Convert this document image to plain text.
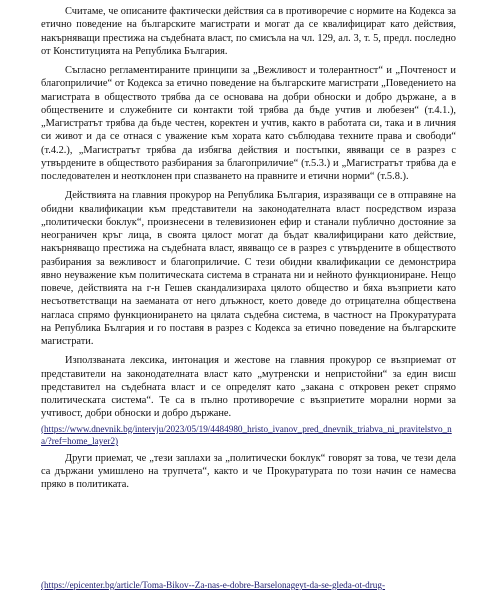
Считаме, че описаните фактически действия са в противоречие с нормите на Кодекса за етично поведение на българските магистрати и могат да се квалифицират като действия, накърняващи престижа на съдебната власт, по смисъла на чл. 129, ал. 3, т. 5, предл. последно от Конституцията на Република България.

Съгласно регламентираните принципи за „Вежливост и толерантност“ и „Почтеност и благоприличие“ от Кодекса за етично поведение на българските магистрати „Поведението на магистрата в обществото трябва да се основава на добри обноски и добро държане, а в обществените и служебните си контакти той трябва да бъде учтив и любезен“ (т.4.1.), „Магистратът трябва да бъде честен, коректен и учтив, както в работата си, така и в личния си живот и да се отнася с уважение към хората като съблюдава техните права и свободи“ (т.4.2.), „Магистратът трябва да избягва действия и постъпки, явяващи се в разрез с утвърдените в обществото разбирания за благоприличие“ (т.5.3.) и „Магистратът трябва да е последователен и неотклонен при спазването на правните и етични норми“ (т.5.8.).

Действията на главния прокурор на Република България, изразяващи се в отправяне на обидни квалификации към представители на законодателната власт посредством израза „политически боклук“, произнесени в телевизионен ефир и станали публично достояние за неограничен кръг лица, в своята цялост могат да бъдат квалифицирани като действие, накърняващо престижа на съдебната власт, явяващо се в разрез с утвърдените в обществото разбирания за вежливост и благоприличие. С тези обидни квалификации се демонстрира явно неуважение към политическата система в страната ни и нейното функциониране. Нещо повече, действията на г-н Гешев скандализираха цялото общество и бяха възприети като несъответстващи на заеманата от него длъжност, което доведе до отрицателна обществена нагласа спрямо функционирането на цялата съдебна система, в частност на Прокуратурата на Република България и го поставя в разрез с Кодекса за етично поведение на българските магистрати.

Използваната лексика, интонация и жестове на главния прокурор се възприемат от представители на законодателната власт като „мутренски и непристойни“ за един висш представител на съдебната власт и се определят като „заканa с откровен рекет спрямо политическата система“. Те са в пълно противоречие с възприетите морални норми за учтивост, добри обноски и добро държане.

(https://www.dnevnik.bg/intervju/2023/05/19/4484980_hristo_ivanov_pred_dnevnik_triabva_ni_pravitelstvo_na/?ref=home_layer2)

Други приемат, че „тези заплахи за „политически боклук“ говорят за това, че тези дела са държани умишлено на трупчета“, както и че Прокуратурата по този начин се намесва пряко в политиката.

(https://epicenter.bg/article/Toma-Bikov--Za-nas-e-dobre-Barselonageyt-da-se-gleda-ot-drug-
